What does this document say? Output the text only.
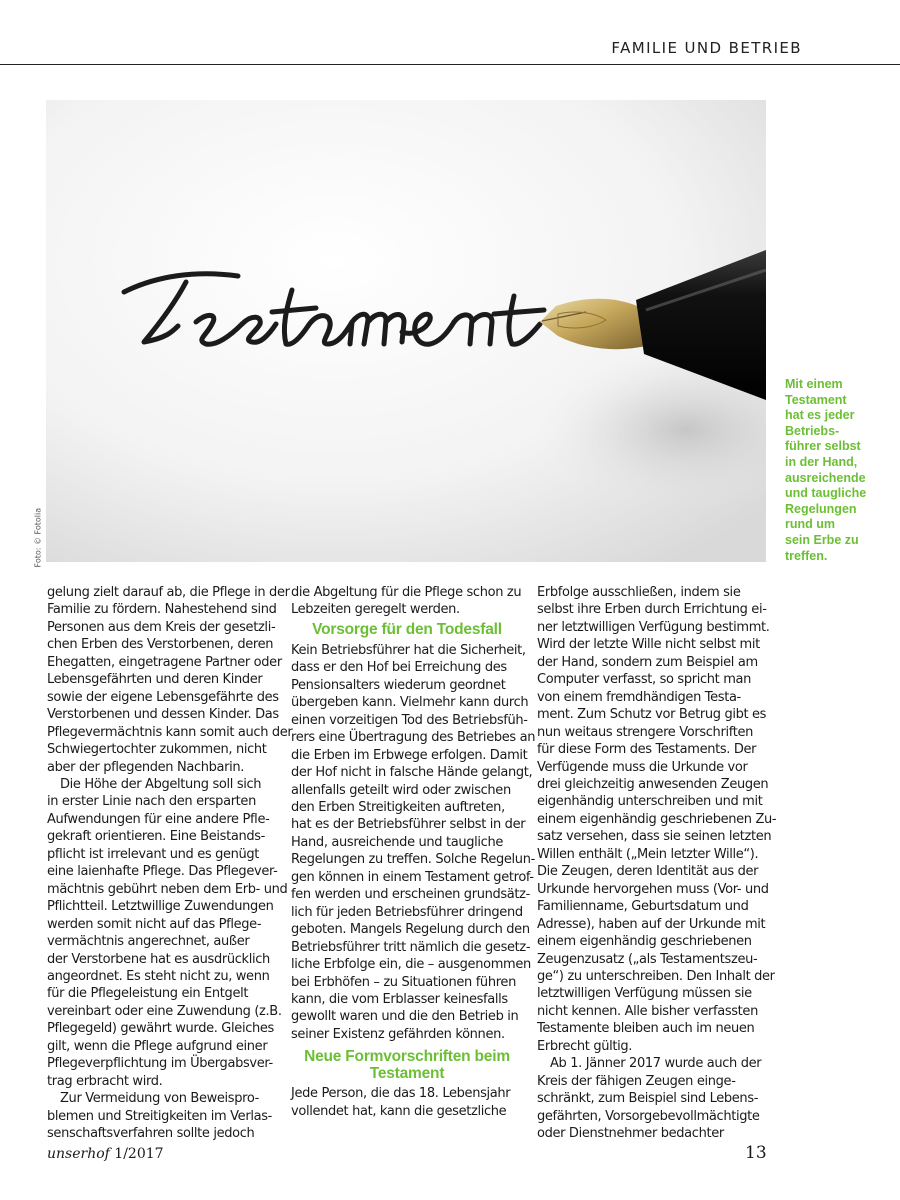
FAMILIE UND BETRIEB
Foto: © Fotolia
Mit einem
Testament
hat es jeder
Betriebs-
führer selbst
in der Hand,
ausreichende
und taugliche
Regelungen
rund um
sein Erbe zu
treffen.
gelung zielt darauf ab, die Pflege in der
Familie zu fördern. Nahestehend sind
Personen aus dem Kreis der gesetzli-
chen Erben des Verstorbenen, deren
Ehegatten, eingetragene Partner oder
Lebensgefährten und deren Kinder
sowie der eigene Lebensgefährte des
Verstorbenen und dessen Kinder. Das
Pflegevermächtnis kann somit auch der
Schwiegertochter zukommen, nicht
aber der pflegenden Nachbarin.
Die Höhe der Abgeltung soll sich
in erster Linie nach den ersparten
Aufwendungen für eine andere Pfle-
gekraft orientieren. Eine Beistands-
pflicht ist irrelevant und es genügt
eine laienhafte Pflege. Das Pflegever-
mächtnis gebührt neben dem Erb- und
Pflichtteil. Letztwillige Zuwendungen
werden somit nicht auf das Pflege-
vermächtnis angerechnet, außer
der Verstorbene hat es ausdrücklich
angeordnet. Es steht nicht zu, wenn
für die Pflegeleistung ein Entgelt
vereinbart oder eine Zuwendung (z.B.
Pflegegeld) gewährt wurde. Gleiches
gilt, wenn die Pflege aufgrund einer
Pflegeverpflichtung im Übergabsver-
trag erbracht wird.
Zur Vermeidung von Beweispro-
blemen und Streitigkeiten im Verlas-
senschaftsverfahren sollte jedoch
die Abgeltung für die Pflege schon zu
Lebzeiten geregelt werden.
Vorsorge für den Todesfall
Kein Betriebsführer hat die Sicherheit,
dass er den Hof bei Erreichung des
Pensionsalters wiederum geordnet
übergeben kann. Vielmehr kann durch
einen vorzeitigen Tod des Betriebsfüh-
rers eine Übertragung des Betriebes an
die Erben im Erbwege erfolgen. Damit
der Hof nicht in falsche Hände gelangt,
allenfalls geteilt wird oder zwischen
den Erben Streitigkeiten auftreten,
hat es der Betriebsführer selbst in der
Hand, ausreichende und taugliche
Regelungen zu treffen. Solche Regelun-
gen können in einem Testament getrof-
fen werden und erscheinen grundsätz-
lich für jeden Betriebsführer dringend
geboten. Mangels Regelung durch den
Betriebsführer tritt nämlich die gesetz-
liche Erbfolge ein, die – ausgenommen
bei Erbhöfen – zu Situationen führen
kann, die vom Erblasser keinesfalls
gewollt waren und die den Betrieb in
seiner Existenz gefährden können.
Neue Formvorschriften beim
Testament
Jede Person, die das 18. Lebensjahr
vollendet hat, kann die gesetzliche
Erbfolge ausschließen, indem sie
selbst ihre Erben durch Errichtung ei-
ner letztwilligen Verfügung bestimmt.
Wird der letzte Wille nicht selbst mit
der Hand, sondern zum Beispiel am
Computer verfasst, so spricht man
von einem fremdhändigen Testa-
ment. Zum Schutz vor Betrug gibt es
nun weitaus strengere Vorschriften
für diese Form des Testaments. Der
Verfügende muss die Urkunde vor
drei gleichzeitig anwesenden Zeugen
eigenhändig unterschreiben und mit
einem eigenhändig geschriebenen Zu-
satz versehen, dass sie seinen letzten
Willen enthält („Mein letzter Wille“).
Die Zeugen, deren Identität aus der
Urkunde hervorgehen muss (Vor- und
Familienname, Geburtsdatum und
Adresse), haben auf der Urkunde mit
einem eigenhändig geschriebenen
Zeugenzusatz („als Testamentszeu-
ge“) zu unterschreiben. Den Inhalt der
letztwilligen Verfügung müssen sie
nicht kennen. Alle bisher verfassten
Testamente bleiben auch im neuen
Erbrecht gültig.
Ab 1. Jänner 2017 wurde auch der
Kreis der fähigen Zeugen einge-
schränkt, zum Beispiel sind Lebens-
gefährten, Vorsorgebevollmächtigte
oder Dienstnehmer bedachter
unserhof 1/2017	13
